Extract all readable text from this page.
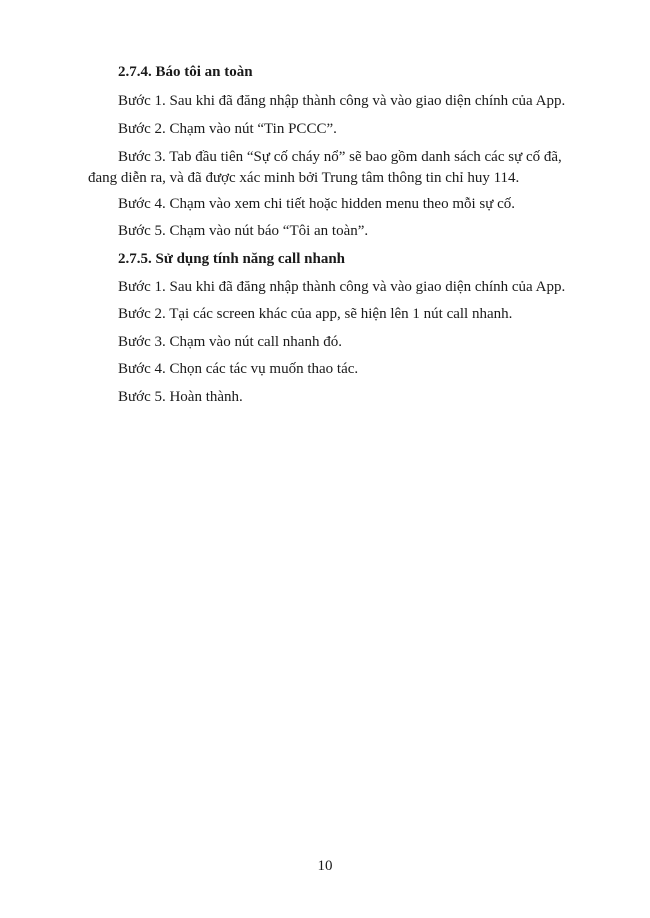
2.7.4. Báo tôi an toàn
Bước 1. Sau khi đã đăng nhập thành công và vào giao diện chính của App.
Bước 2. Chạm vào nút “Tin PCCC”.
Bước 3. Tab đầu tiên “Sự cố cháy nổ” sẽ bao gồm danh sách các sự cố đã,
đang diễn ra, và đã được xác minh bởi Trung tâm thông tin chỉ huy 114.
Bước 4. Chạm vào xem chi tiết hoặc hidden menu theo mỗi sự cố.
Bước 5. Chạm vào nút báo “Tôi an toàn”.
2.7.5. Sử dụng tính năng call nhanh
Bước 1. Sau khi đã đăng nhập thành công và vào giao diện chính của App.
Bước 2. Tại các screen khác của app, sẽ hiện lên 1 nút call nhanh.
Bước 3. Chạm vào nút call nhanh đó.
Bước 4. Chọn các tác vụ muốn thao tác.
Bước 5. Hoàn thành.
10
